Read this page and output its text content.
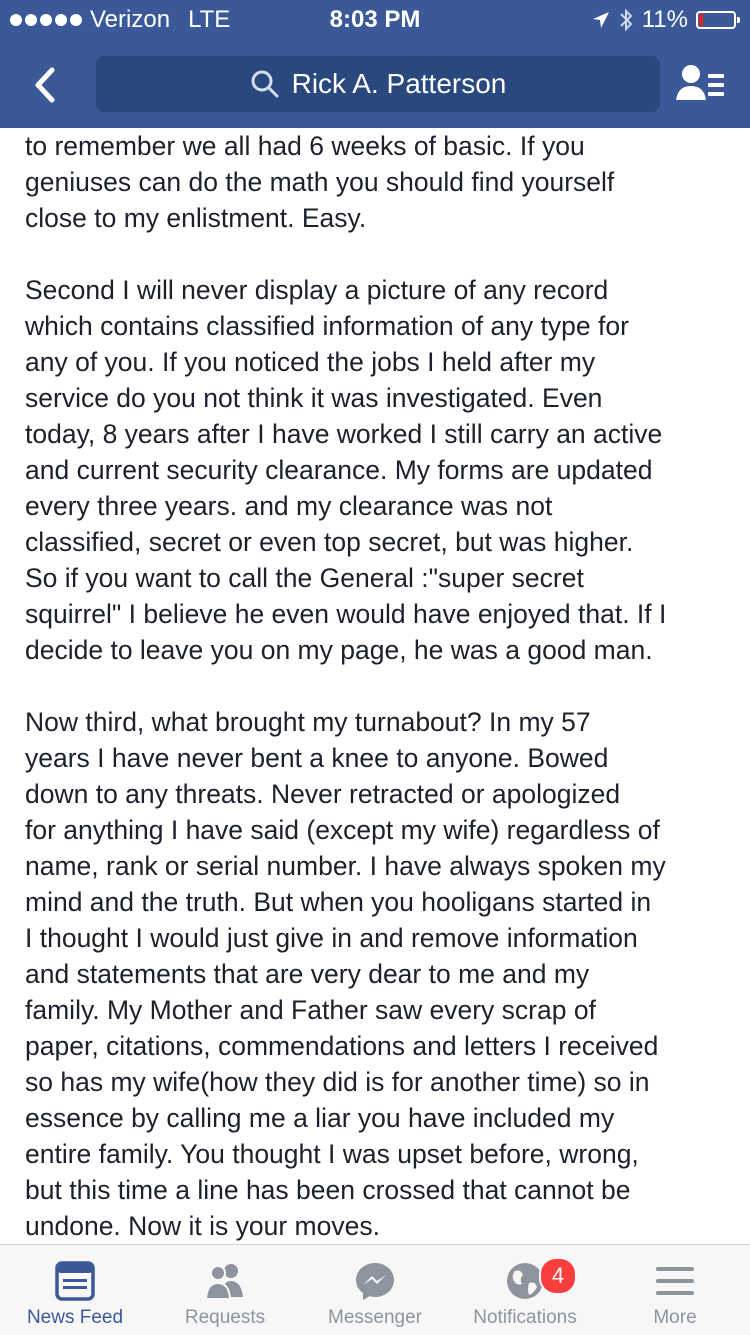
Verizon LTE	8:03 PM	11%
Rick A. Patterson

to remember we all had 6 weeks of basic. If you
geniuses can do the math you should find yourself
close to my enlistment. Easy.

Second I will never display a picture of any record
which contains classified information of any type for
any of you. If you noticed the jobs I held after my
service do you not think it was investigated. Even
today, 8 years after I have worked I still carry an active
and current security clearance. My forms are updated
every three years. and my clearance was not
classified, secret or even top secret, but was higher.
So if you want to call the General :"super secret
squirrel" I believe he even would have enjoyed that. If I
decide to leave you on my page, he was a good man.

Now third, what brought my turnabout? In my 57
years I have never bent a knee to anyone. Bowed
down to any threats. Never retracted or apologized
for anything I have said (except my wife) regardless of
name, rank or serial number. I have always spoken my
mind and the truth. But when you hooligans started in
I thought I would just give in and remove information
and statements that are very dear to me and my
family. My Mother and Father saw every scrap of
paper, citations, commendations and letters I received
so has my wife(how they did is for another time) so in
essence by calling me a liar you have included my
entire family. You thought I was upset before, wrong,
but this time a line has been crossed that cannot be
undone. Now it is your moves.

News Feed	Requests	Messenger
4
Notifications	More
